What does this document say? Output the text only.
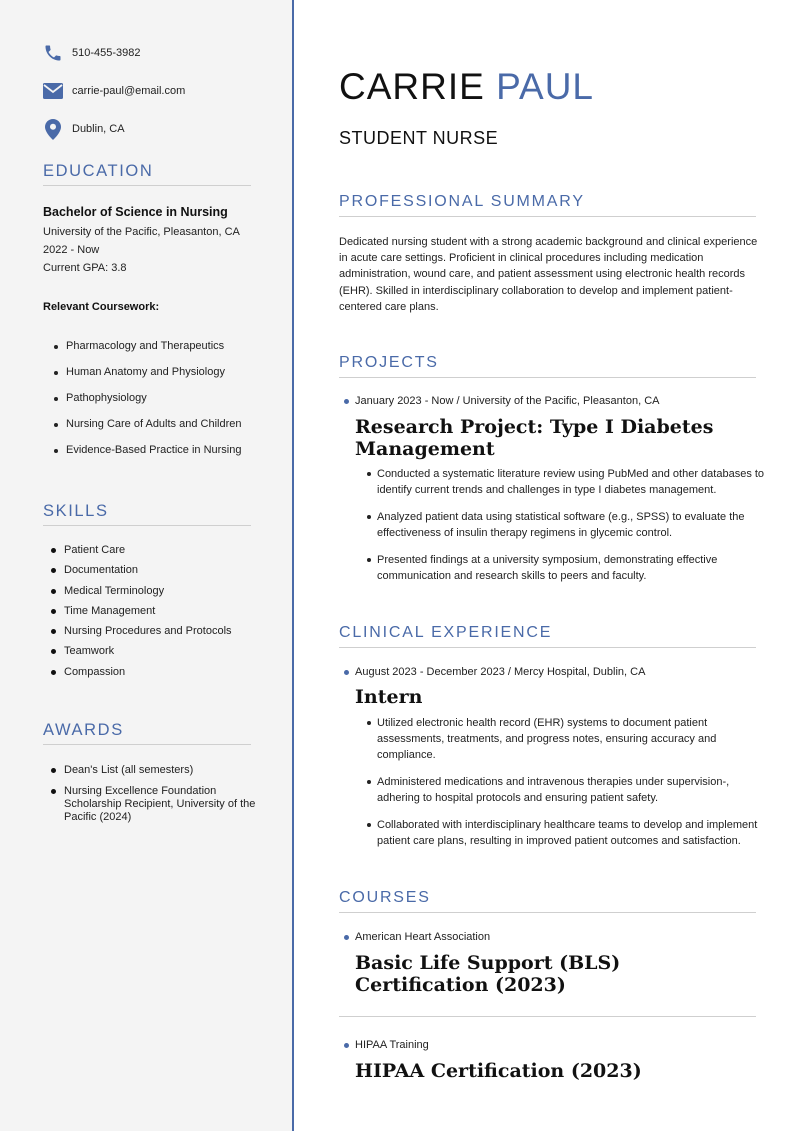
510-455-3982
carrie-paul@email.com
Dublin, CA
EDUCATION
Bachelor of Science in Nursing
University of the Pacific, Pleasanton, CA
2022 - Now
Current GPA: 3.8
Relevant Coursework:
Pharmacology and Therapeutics
Human Anatomy and Physiology
Pathophysiology
Nursing Care of Adults and Children
Evidence-Based Practice in Nursing
SKILLS
Patient Care
Documentation
Medical Terminology
Time Management
Nursing Procedures and Protocols
Teamwork
Compassion
AWARDS
Dean's List (all semesters)
Nursing Excellence Foundation Scholarship Recipient, University of the Pacific (2024)
CARRIE PAUL
STUDENT NURSE
PROFESSIONAL SUMMARY
Dedicated nursing student with a strong academic background and clinical experience in acute care settings. Proficient in clinical procedures including medication administration, wound care, and patient assessment using electronic health records (EHR). Skilled in interdisciplinary collaboration to develop and implement patient-centered care plans.
PROJECTS
January 2023 - Now / University of the Pacific, Pleasanton, CA
Research Project: Type I Diabetes Management
Conducted a systematic literature review using PubMed and other databases to identify current trends and challenges in type I diabetes management.
Analyzed patient data using statistical software (e.g., SPSS) to evaluate the effectiveness of insulin therapy regimens in glycemic control.
Presented findings at a university symposium, demonstrating effective communication and research skills to peers and faculty.
CLINICAL EXPERIENCE
August 2023 - December 2023 / Mercy Hospital, Dublin, CA
Intern
Utilized electronic health record (EHR) systems to document patient assessments, treatments, and progress notes, ensuring accuracy and compliance.
Administered medications and intravenous therapies under supervision-, adhering to hospital protocols and ensuring patient safety.
Collaborated with interdisciplinary healthcare teams to develop and implement patient care plans, resulting in improved patient outcomes and satisfaction.
COURSES
American Heart Association
Basic Life Support (BLS) Certification (2023)
HIPAA Training
HIPAA Certification (2023)
